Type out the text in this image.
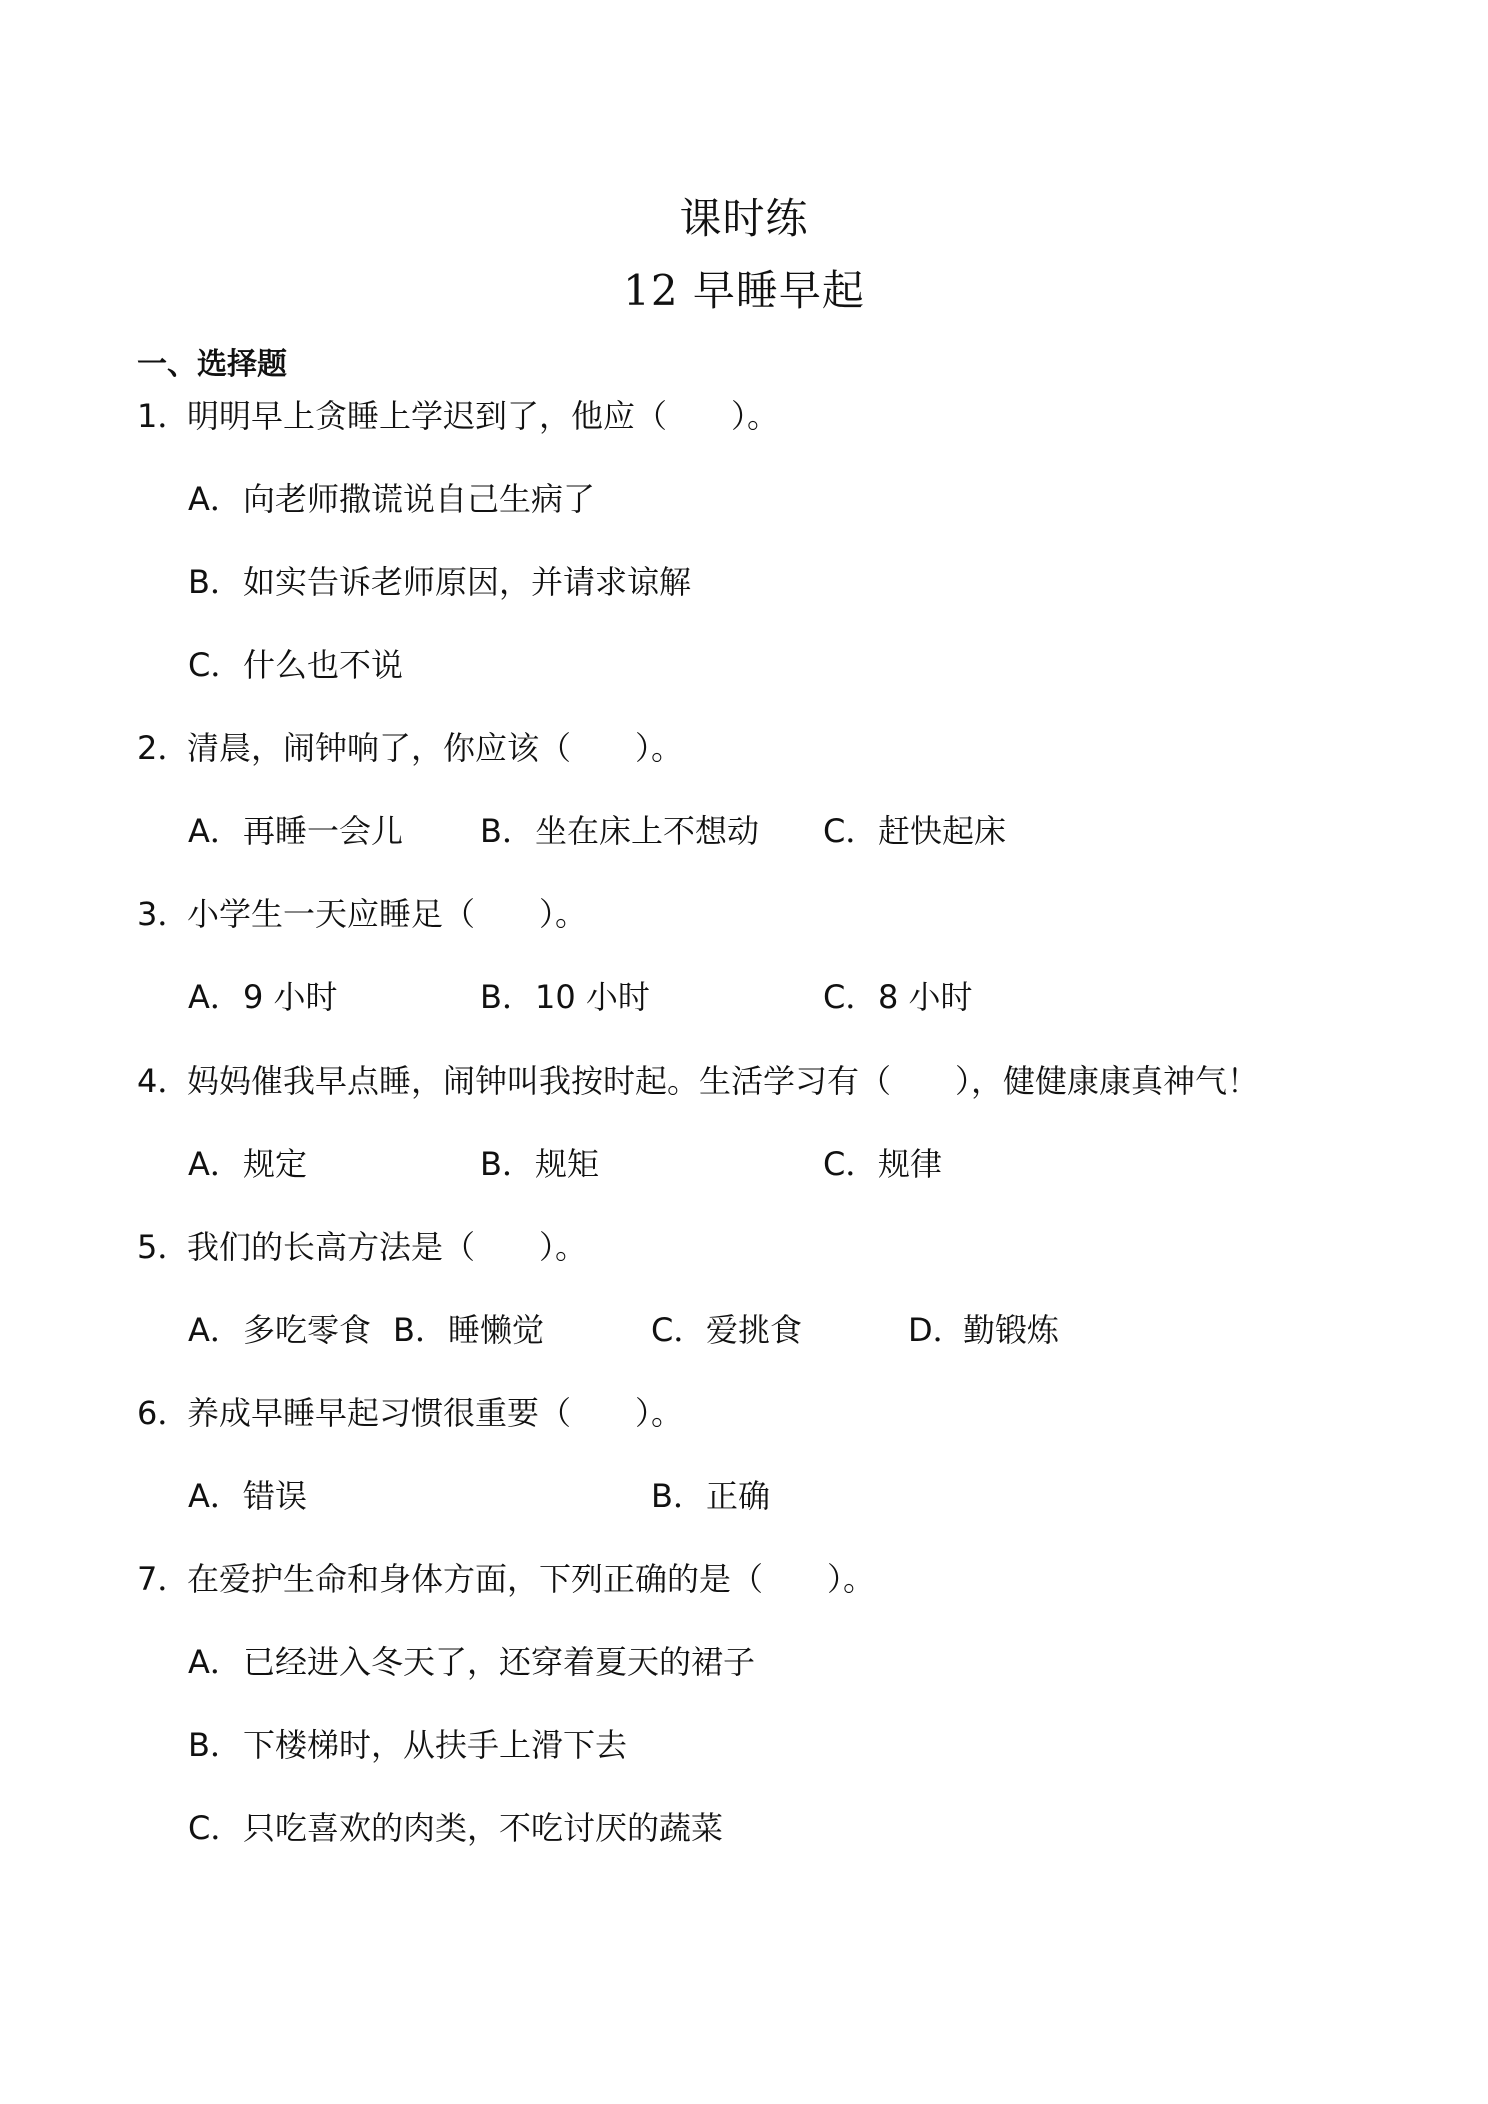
课时练
12 早睡早起
一、选择题
1．明明早上贪睡上学迟到了，他应（　　）。
A．向老师撒谎说自己生病了
B．如实告诉老师原因，并请求谅解
C．什么也不说
2．清晨，闹钟响了，你应该（　　）。
A．再睡一会儿 B．坐在床上不想动 C．赶快起床
3．小学生一天应睡足（　　）。
A．9 小时	B．10 小时	C．8 小时
4．妈妈催我早点睡，闹钟叫我按时起。生活学习有（　　），健健康康真神气！
A．规定	B．规矩	C．规律
5．我们的长高方法是（　　）。
A．多吃零食 B．睡懒觉	C．爱挑食	D．勤锻炼
6．养成早睡早起习惯很重要（　　）。
A．错误	B．正确
7．在爱护生命和身体方面，下列正确的是（　　）。
A．已经进入冬天了，还穿着夏天的裙子
B．下楼梯时，从扶手上滑下去
C．只吃喜欢的肉类，不吃讨厌的蔬菜
